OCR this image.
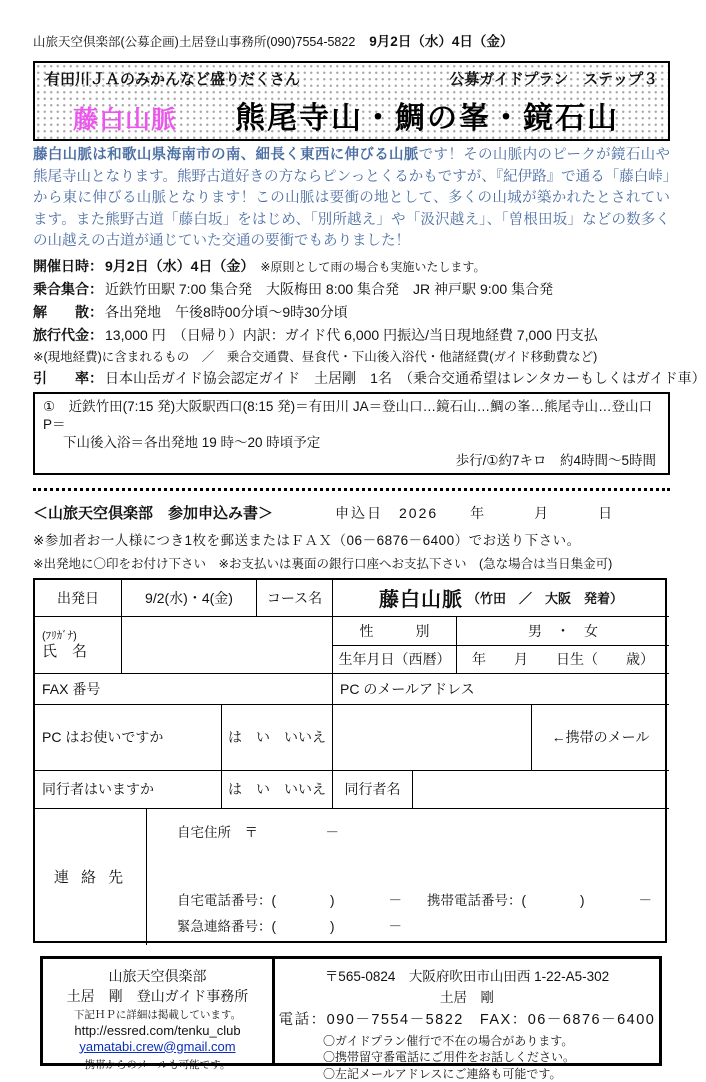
山旅天空倶楽部(公募企画)土居登山事務所(090)7554-5822 9月2日（水）4日（金）
有田川ＪＡのみかんなど盛りだくさん	公募ガイドプラン　ステップ３
藤白山脈 熊尾寺山・鯛の峯・鏡石山

藤白山脈は和歌山県海南市の南、細長く東西に伸びる山脈です！その山脈内のピークが鏡石山や熊尾寺山となります。熊野古道好きの方ならピンっとくるかもですが、『紀伊路』で通る「藤白峠」から東に伸びる山脈となります！この山脈は要衝の地として、多くの山城が築かれたとされています。また熊野古道「藤白坂」をはじめ、「別所越え」や「汲沢越え」、「曽根田坂」などの数多くの山越えの古道が通じていた交通の要衝でもありました！

開催日時： 9月2日（水）4日（金） ※原則として雨の場合も実施いたします。
乗合集合： 近鉄竹田駅 7:00 集合発　大阪梅田 8:00 集合発　JR 神戸駅 9:00 集合発
解　　散： 各出発地　午後8時00分頃～9時30分頃
旅行代金： 13,000 円　（日帰り）内訳：ガイド代 6,000 円振込/当日現地経費 7,000 円支払
※(現地経費)に含まれるもの　／　乗合交通費、昼食代・下山後入浴代・他諸経費(ガイド移動費など)
引　　率： 日本山岳ガイド協会認定ガイド　土居剛　1名　（乗合交通希望はレンタカーもしくはガイド車）
①　近鉄竹田(7:15 発)大阪駅西口(8:15 発)＝有田川 JA＝登山口…鏡石山…鯛の峯…熊尾寺山…登山口 P＝
下山後入浴＝各出発地 19 時～20 時頃予定
歩行/①約7キロ　約4時間～5時間
＜山旅天空倶楽部　参加申込み書＞	申込日　2026　　年　　　月　　　日
※参加者お一人様につき1枚を郵送またはＦＡＸ（06－6876－6400）でお送り下さい。
※出発地に〇印をお付け下さい　※お支払いは裏面の銀行口座へお支払下さい　(急な場合は当日集金可)
出発日	9/2(水)・4(金)	コース名	藤白山脈 （竹田　／　大阪　発着）
(ﾌﾘｶﾞﾅ)
氏　名
性　　　別	男　・　女
生年月日（西暦）	年　　月　　日生（　　歳）
FAX 番号	PC のメールアドレス
PC はお使いですか	は　い　いいえ	←携帯のメール
同行者はいますか	は　い　いいえ	同行者名
連 絡 先
自宅住所　〒　　　　　－
自宅電話番号：(　　　　)　　　　－ 携帯電話番号：(　　　　)　　　　－
緊急連絡番号：(　　　　)　　　　－
山旅天空倶楽部
土居　剛　登山ガイド事務所
下記ＨＰに詳細は掲載しています。
http://essred.com/tenku_club
yamatabi.crew@gmail.com
携帯からのメールも可能です。
〒565-0824　大阪府吹田市山田西 1-22-A5-302
土居　剛
電話：090－7554－5822　FAX：06－6876－6400
〇ガイドプラン催行で不在の場合があります。
〇携帯留守番電話にご用件をお話しください。
〇左記メールアドレスにご連絡も可能です。
